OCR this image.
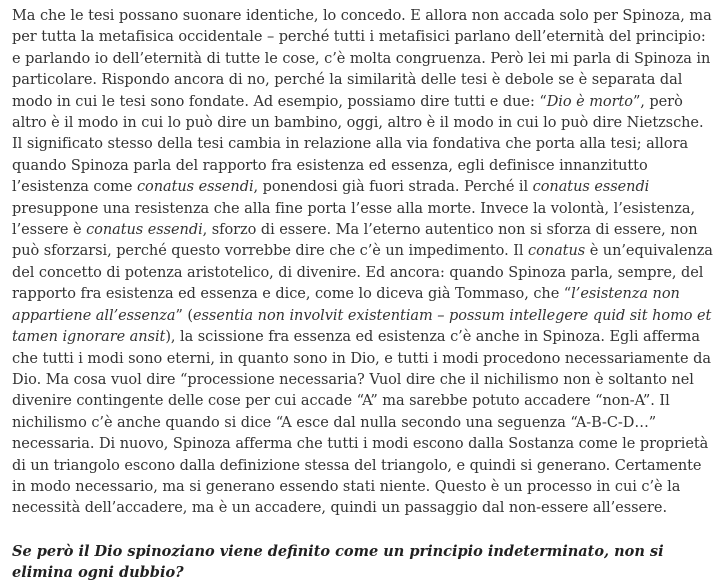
Ma che le tesi possano suonare identiche, lo concedo. E allora non accada solo per Spinoza, ma per tutta la metafisica occidentale – perché tutti i metafisici parlano dell’eternità del principio: e parlando io dell’eternità di tutte le cose, c’è molta congruenza. Però lei mi parla di Spinoza in particolare. Rispondo ancora di no, perché la similarità delle tesi è debole se è separata dal modo in cui le tesi sono fondate. Ad esempio, possiamo dire tutti e due: “Dio è morto”, però altro è il modo in cui lo può dire un bambino, oggi, altro è il modo in cui lo può dire Nietzsche. Il significato stesso della tesi cambia in relazione alla via fondativa che porta alla tesi; allora quando Spinoza parla del rapporto fra esistenza ed essenza, egli definisce innanzitutto l’esistenza come conatus essendi, ponendosi già fuori strada. Perché il conatus essendi presuppone una resistenza che alla fine porta l’esse alla morte. Invece la volontà, l’esistenza, l’essere è conatus essendi, sforzo di essere. Ma l’eterno autentico non si sforza di essere, non può sforzarsi, perché questo vorrebbe dire che c’è un impedimento. Il conatus è un’equivalenza del concetto di potenza aristotelico, di divenire. Ed ancora: quando Spinoza parla, sempre, del rapporto fra esistenza ed essenza e dice, come lo diceva già Tommaso, che “l’esistenza non appartiene all’essenza” (essentia non involvit existentiam – possum intellegere quid sit homo et tamen ignorare ansit), la scissione fra essenza ed esistenza c’è anche in Spinoza. Egli afferma che tutti i modi sono eterni, in quanto sono in Dio, e tutti i modi procedono necessariamente da Dio. Ma cosa vuol dire “processione necessaria? Vuol dire che il nichilismo non è soltanto nel divenire contingente delle cose per cui accade “A” ma sarebbe potuto accadere “non-A”. Il nichilismo c’è anche quando si dice “A esce dal nulla secondo una seguenza “A-B-C-D…” necessaria. Di nuovo, Spinoza afferma che tutti i modi escono dalla Sostanza come le proprietà di un triangolo escono dalla definizione stessa del triangolo, e quindi si generano. Certamente in modo necessario, ma si generano essendo stati niente. Questo è un processo in cui c’è la necessità dell’accadere, ma è un accadere, quindi un passaggio dal non-essere all’essere.

Se però il Dio spinoziano viene definito come un principio indeterminato, non si elimina ogni dubbio?
